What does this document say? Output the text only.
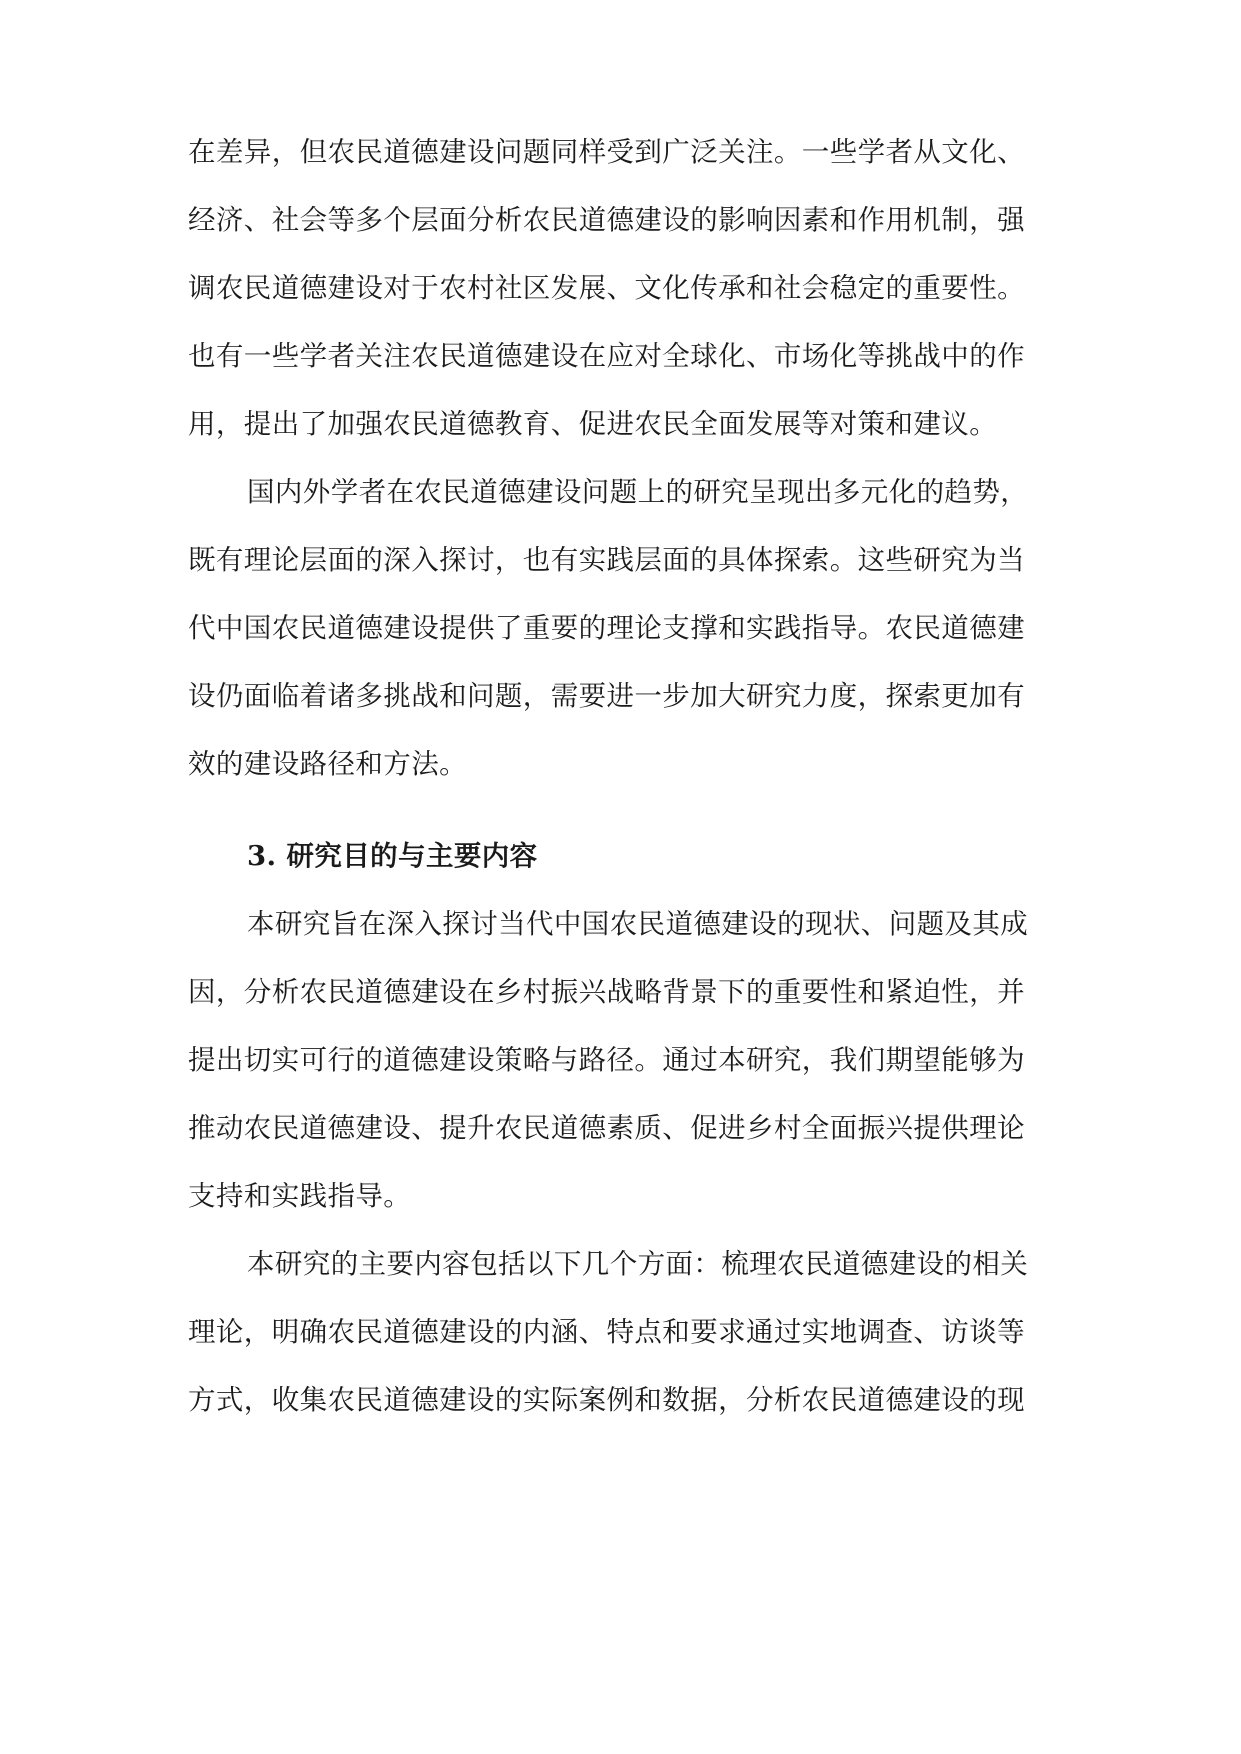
在差异，但农民道德建设问题同样受到广泛关注。一些学者从文化、
经济、社会等多个层面分析农民道德建设的影响因素和作用机制，强
调农民道德建设对于农村社区发展、文化传承和社会稳定的重要性。
也有一些学者关注农民道德建设在应对全球化、市场化等挑战中的作
用，提出了加强农民道德教育、促进农民全面发展等对策和建议。
国内外学者在农民道德建设问题上的研究呈现出多元化的趋势，
既有理论层面的深入探讨，也有实践层面的具体探索。这些研究为当
代中国农民道德建设提供了重要的理论支撑和实践指导。农民道德建
设仍面临着诸多挑战和问题，需要进一步加大研究力度，探索更加有
效的建设路径和方法。
3. 研究目的与主要内容
本研究旨在深入探讨当代中国农民道德建设的现状、问题及其成
因，分析农民道德建设在乡村振兴战略背景下的重要性和紧迫性，并
提出切实可行的道德建设策略与路径。通过本研究，我们期望能够为
推动农民道德建设、提升农民道德素质、促进乡村全面振兴提供理论
支持和实践指导。
本研究的主要内容包括以下几个方面：梳理农民道德建设的相关
理论，明确农民道德建设的内涵、特点和要求通过实地调查、访谈等
方式，收集农民道德建设的实际案例和数据，分析农民道德建设的现
